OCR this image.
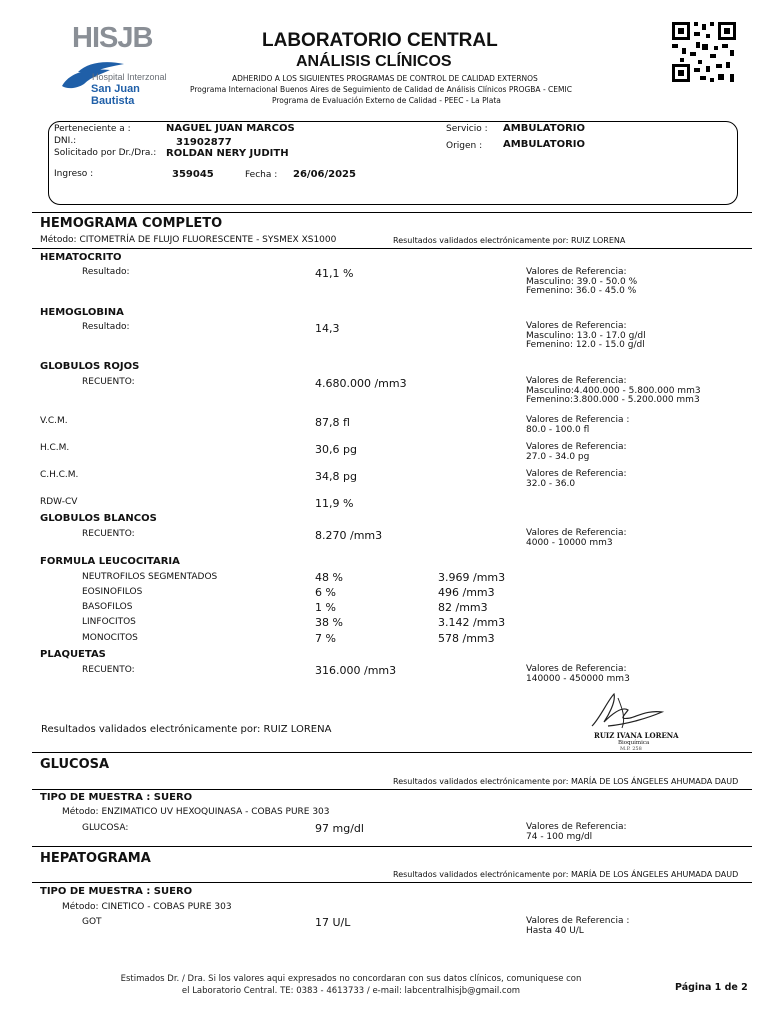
HISJB
Hospital Interzonal
San Juan Bautista
LABORATORIO CENTRAL
ANÁLISIS CLÍNICOS
ADHERIDO A LOS SIGUIENTES PROGRAMAS DE CONTROL DE CALIDAD EXTERNOS
Programa Internacional Buenos Aires de Seguimiento de Calidad de Análisis Clínicos PROGBA - CEMIC
Programa de Evaluación Externo de Calidad - PEEC - La Plata
Perteneciente a :	NAGUEL JUAN MARCOS
DNI.:	31902877
Solicitado por Dr./Dra.: ROLDAN NERY JUDITH
Servicio : AMBULATORIO
Origen : AMBULATORIO
Ingreso :	359045	Fecha : 26/06/2025
HEMOGRAMA COMPLETO
Método: CITOMETRÍA DE FLUJO FLUORESCENTE - SYSMEX XS1000	Resultados validados electrónicamente por: RUIZ LORENA
HEMATOCRITO
Resultado:	41,1 %	Valores de Referencia:
Masculino: 39.0 - 50.0 %
Femenino: 36.0 - 45.0 %
HEMOGLOBINA
Resultado:	14,3	Valores de Referencia:
Masculino: 13.0 - 17.0 g/dl
Femenino: 12.0 - 15.0 g/dl
GLOBULOS ROJOS
RECUENTO:	4.680.000 /mm3	Valores de Referencia:
Masculino:4.400.000 - 5.800.000 mm3
Femenino:3.800.000 - 5.200.000 mm3
V.C.M.	87,8 fl	Valores de Referencia :
80.0 - 100.0 fl
H.C.M.	30,6 pg	Valores de Referencia:
27.0 - 34.0 pg
C.H.C.M.	34,8 pg	Valores de Referencia:
32.0 - 36.0
RDW-CV	11,9 %
GLOBULOS BLANCOS
RECUENTO:	8.270 /mm3	Valores de Referencia:
4000 - 10000 mm3
FORMULA LEUCOCITARIA
NEUTROFILOS SEGMENTADOS	48 %	3.969 /mm3
EOSINOFILOS	6 %	496 /mm3
BASOFILOS	1 %	82 /mm3
LINFOCITOS	38 %	3.142 /mm3
MONOCITOS	7 %	578 /mm3
PLAQUETAS
RECUENTO:	316.000 /mm3	Valores de Referencia:
140000 - 450000 mm3
Resultados validados electrónicamente por: RUIZ LORENA
RUIZ IVANA LORENA
Bioquímica
M.P. 258
GLUCOSA
Resultados validados electrónicamente por: MARÍA DE LOS ÁNGELES AHUMADA DAUD
TIPO DE MUESTRA : SUERO
Método: ENZIMATICO UV HEXOQUINASA - COBAS PURE 303
GLUCOSA:	97 mg/dl	Valores de Referencia:
74 - 100 mg/dl
HEPATOGRAMA
Resultados validados electrónicamente por: MARÍA DE LOS ÁNGELES AHUMADA DAUD
TIPO DE MUESTRA : SUERO
Método: CINETICO - COBAS PURE 303
GOT	17 U/L	Valores de Referencia :
Hasta 40 U/L
Estimados Dr. / Dra. Si los valores aqui expresados no concordaran con sus datos clínicos, comuniquese con
el Laboratorio Central. TE: 0383 - 4613733 / e-mail: labcentralhisjb@gmail.com	Página 1 de 2
